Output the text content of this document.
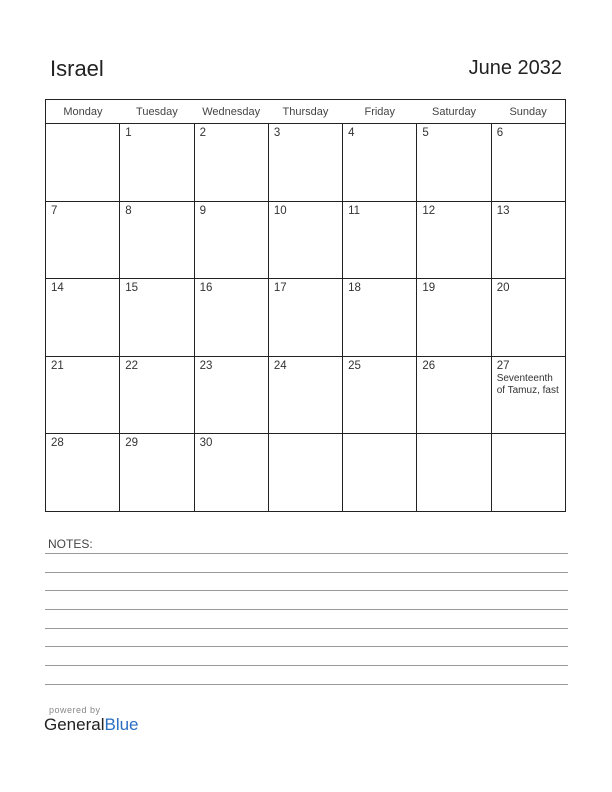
Israel	June 2032
Monday	Tuesday	Wednesday	Thursday	Friday	Saturday	Sunday

	1	2	3	4	5	6

7	8	9	10	11	12	13

14	15	16	17	18	19	20

21	22	23	24	25	26	27
Seventeenth of Tamuz, fast

28	29	30				

NOTES:
powered by
GeneralBlue
